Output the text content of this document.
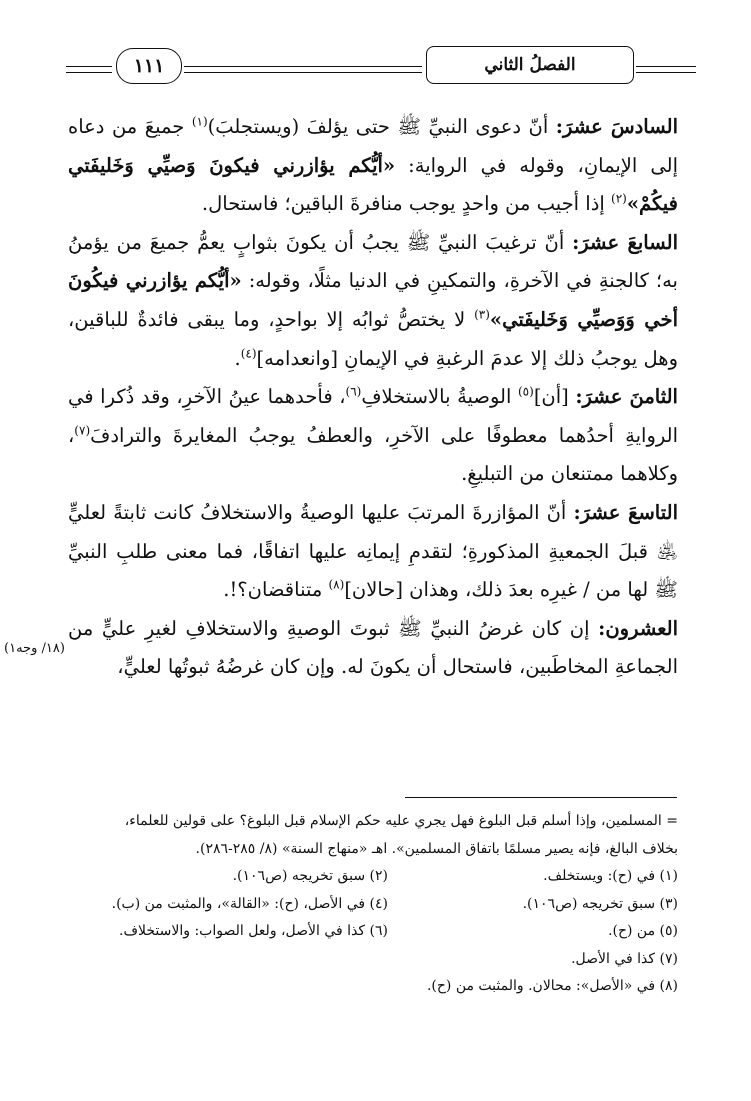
١١١	الفصلُ الثاني

السادسَ عشرَ: أنّ دعوى النبيِّ ﷺ حتى يؤلفَ (ويستجلبَ)$^{(١)}$ جميعَ من دعاه إلى الإيمانِ، وقوله في الرواية: «أيُّكم يؤازرني فيكونَ وَصيِّي وَخَليفَتي فيكُمْ»$^{(٢)}$ إذا أجيب من واحدٍ يوجب منافرةَ الباقين؛ فاستحال.

السابعَ عشرَ: أنّ ترغيبَ النبيِّ ﷺ يجبُ أن يكونَ بثوابٍ يعمُّ جميعَ من يؤمنُ به؛ كالجنةِ في الآخرةِ، والتمكينِ في الدنيا مثلًا، وقوله: «أيُّكم يؤازرني فيكُونَ أخي وَوَصيِّي وَخَليفَتي»$^{(٣)}$ لا يختصُّ ثوابُه إلا بواحدٍ، وما يبقى فائدةٌ للباقين، وهل يوجبُ ذلك إلا عدمَ الرغبةِ في الإيمانِ [وانعدامه]$^{(٤)}$.

الثامنَ عشرَ: [أن]$^{(٥)}$ الوصيةُ بالاستخلافِ$^{(٦)}$، فأحدهما عينُ الآخرِ، وقد ذُكرا في الروايةِ أحدُهما معطوفًا على الآخرِ، والعطفُ يوجبُ المغايرةَ والترادفَ$^{(٧)}$، وكلاهما ممتنعان من التبليغِ.

التاسعَ عشرَ: أنّ المؤازرةَ المرتبَ عليها الوصيةُ والاستخلافُ كانت ثابتةً لعليٍّ ﵁ قبلَ الجمعيةِ المذكورةِ؛ لتقدمِ إيمانِه عليها اتفاقًا، فما معنى طلبِ النبيِّ ﷺ لها من / غيرِه بعدَ ذلك، وهذان [حالان]$^{(٨)}$ متناقضان؟!.

العشرون: إن كان غرضُ النبيِّ ﷺ ثبوتَ الوصيةِ والاستخلافِ لغيرِ عليٍّ من الجماعةِ المخاطَبين، فاستحال أن يكونَ له. وإن كان غرضُهُ ثبوتُها لعليٍّ،

(١٨/ وجه١)

= المسلمين، وإذا أسلم قبل البلوغ فهل يجري عليه حكم الإسلام قبل البلوغ؟ على قولين للعلماء،

بخلاف البالغ، فإنه يصير مسلمًا باتفاق المسلمين». اهـ «منهاج السنة» (٨/ ٢٨٥-٢٨٦).

(١) في (ح): ويستخلف.
(٢) سبق تخريجه (ص١٠٦).
(٣) سبق تخريجه (ص١٠٦).
(٤) في الأصل، (ح): «القالة»، والمثبت من (ب).
(٥) من (ح).
(٦) كذا في الأصل، ولعل الصواب: والاستخلاف.

(٧) كذا في الأصل.

(٨) في «الأصل»: محالان. والمثبت من (ح).
